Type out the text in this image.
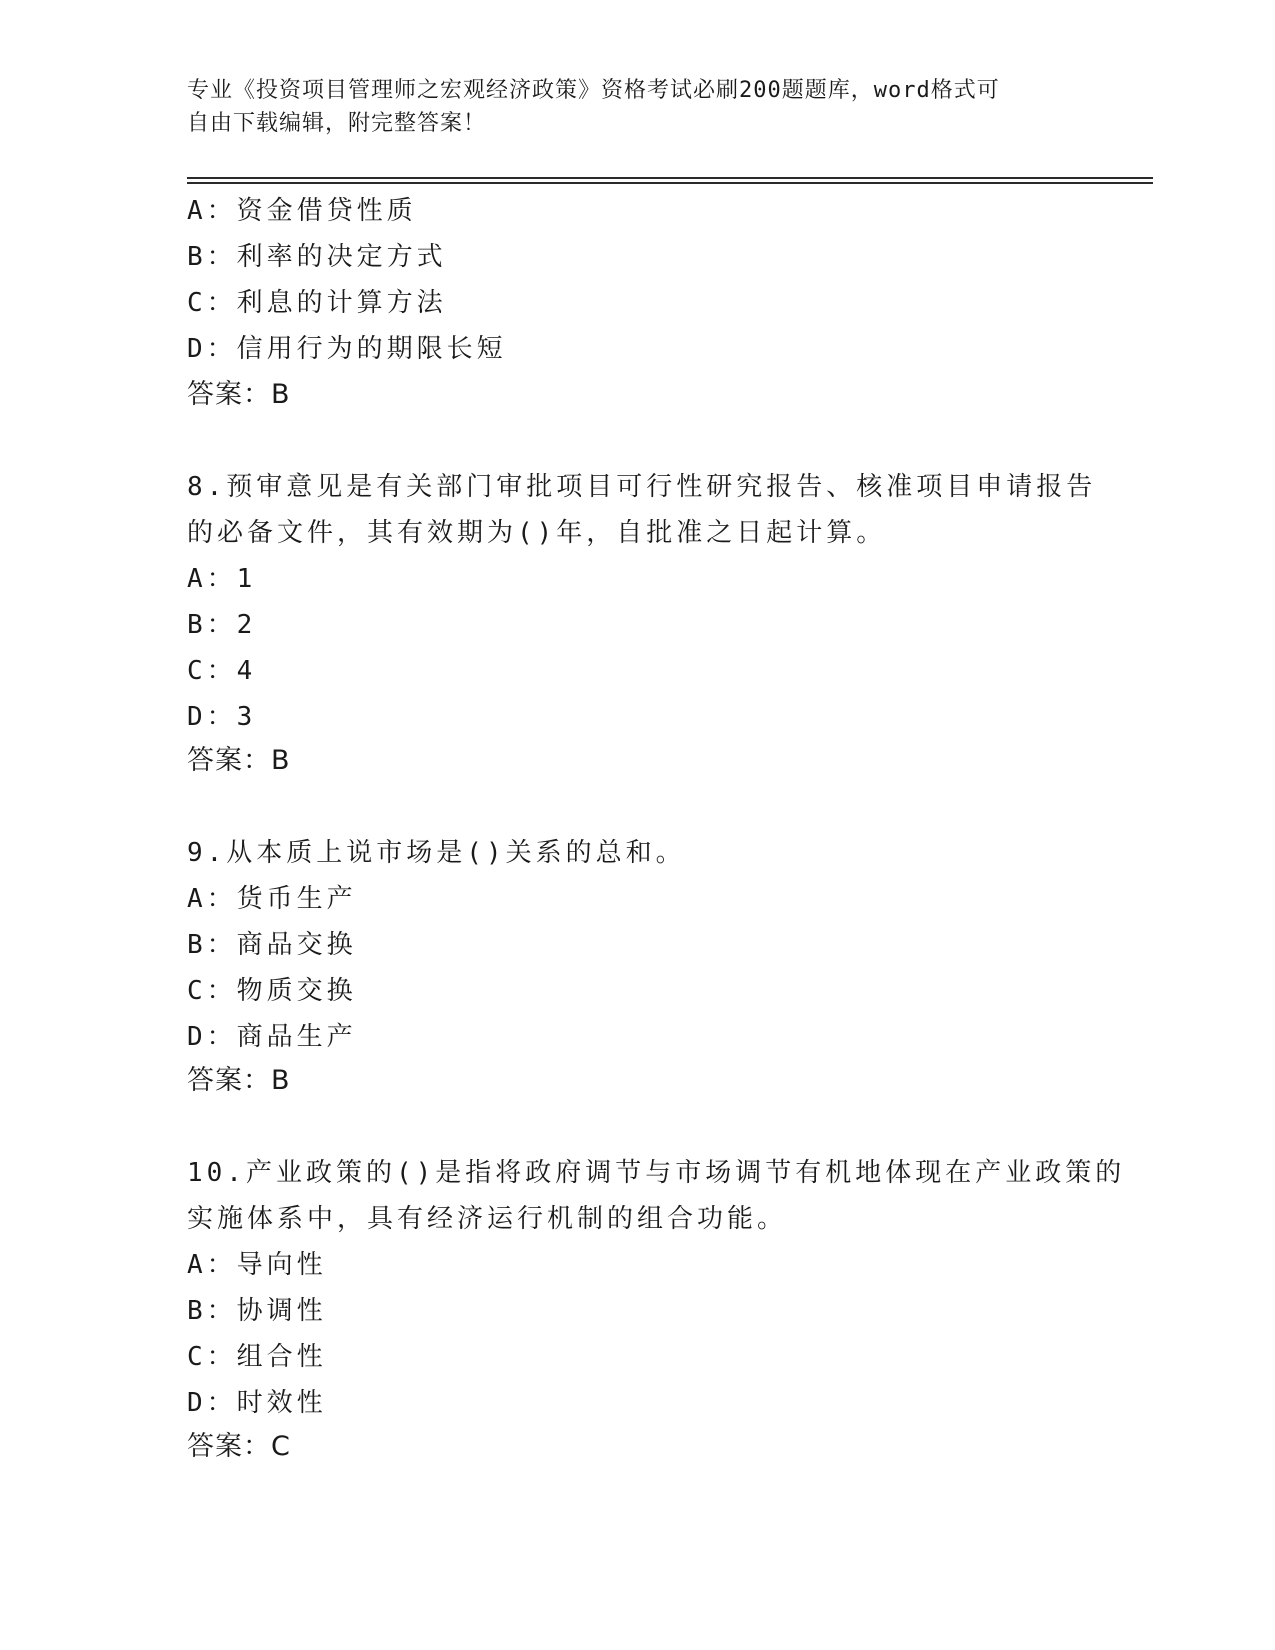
专业《投资项目管理师之宏观经济政策》资格考试必刷200题题库，word格式可
自由下载编辑，附完整答案！
A：资金借贷性质
B：利率的决定方式
C：利息的计算方法
D：信用行为的期限长短
答案：B
8.预审意见是有关部门审批项目可行性研究报告、核准项目申请报告
的必备文件，其有效期为()年，自批准之日起计算。
A：1
B：2
C：4
D：3
答案：B
9.从本质上说市场是()关系的总和。
A：货币生产
B：商品交换
C：物质交换
D：商品生产
答案：B
10.产业政策的()是指将政府调节与市场调节有机地体现在产业政策的
实施体系中，具有经济运行机制的组合功能。
A：导向性
B：协调性
C：组合性
D：时效性
答案：C
